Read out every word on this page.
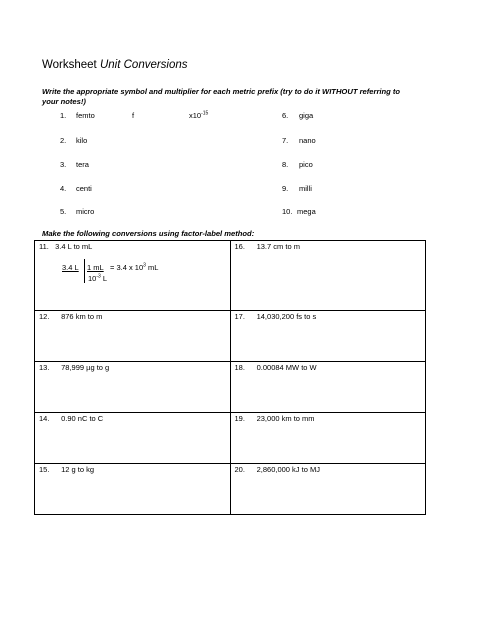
Worksheet Unit Conversions
Write the appropriate symbol and multiplier for each metric prefix (try to do it WITHOUT referring to
your notes!)
1. femto	f	$x10^{-15}$
2. kilo
3. tera
4. centi
5. micro
6. giga
7. nano
8. pico
9. milli
10. mega
Make the following conversions using factor-label method:
11. 3.4 L to mL
3.4 L 1 mL = 3.4 x $10^3$ mL
$10^{-3}$ L	16. 13.7 cm to m
12. 876 km to m	17. 14,030,200 fs to s
13. 78,999 µg to g	18. 0.00084 MW to W
14. 0.90 nC to C	19. 23,000 km to mm
15. 12 g to kg	20. 2,860,000 kJ to MJ
